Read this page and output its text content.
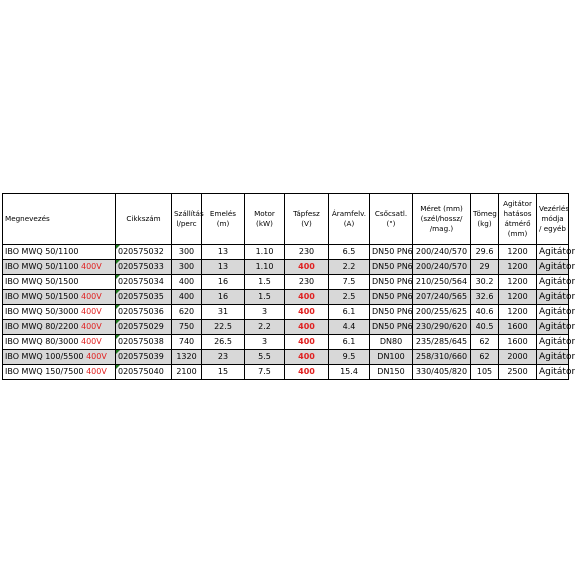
Megnevezés	Cikkszám	Szállítás l/perc	Emelés (m)	Motor (kW)	Tápfesz (V)	Áramfelv. (A)	Csőcsatl. (")	Méret (mm) (szél/hossz/ /mag.)	Tömeg (kg)	Agitátor hatásos átmérő (mm)	Vezérlés módja / egyéb
IBO MWQ 50/1100	020575032	300	13	1.10	230	6.5	DN50 PN6	200/240/570	29.6	1200	Agitátor
IBO MWQ 50/1100 400V	020575033	300	13	1.10	400	2.2	DN50 PN6	200/240/570	29	1200	Agitátor
IBO MWQ 50/1500	020575034	400	16	1.5	230	7.5	DN50 PN6	210/250/564	30.2	1200	Agitátor
IBO MWQ 50/1500 400V	020575035	400	16	1.5	400	2.5	DN50 PN6	207/240/565	32.6	1200	Agitátor
IBO MWQ 50/3000 400V	020575036	620	31	3	400	6.1	DN50 PN6	200/255/625	40.6	1200	Agitátor
IBO MWQ 80/2200 400V	020575029	750	22.5	2.2	400	4.4	DN50 PN6	230/290/620	40.5	1600	Agitátor
IBO MWQ 80/3000 400V	020575038	740	26.5	3	400	6.1	DN80	235/285/645	62	1600	Agitátor
IBO MWQ 100/5500 400V	020575039	1320	23	5.5	400	9.5	DN100	258/310/660	62	2000	Agitátor
IBO MWQ 150/7500 400V	020575040	2100	15	7.5	400	15.4	DN150	330/405/820	105	2500	Agitátor
